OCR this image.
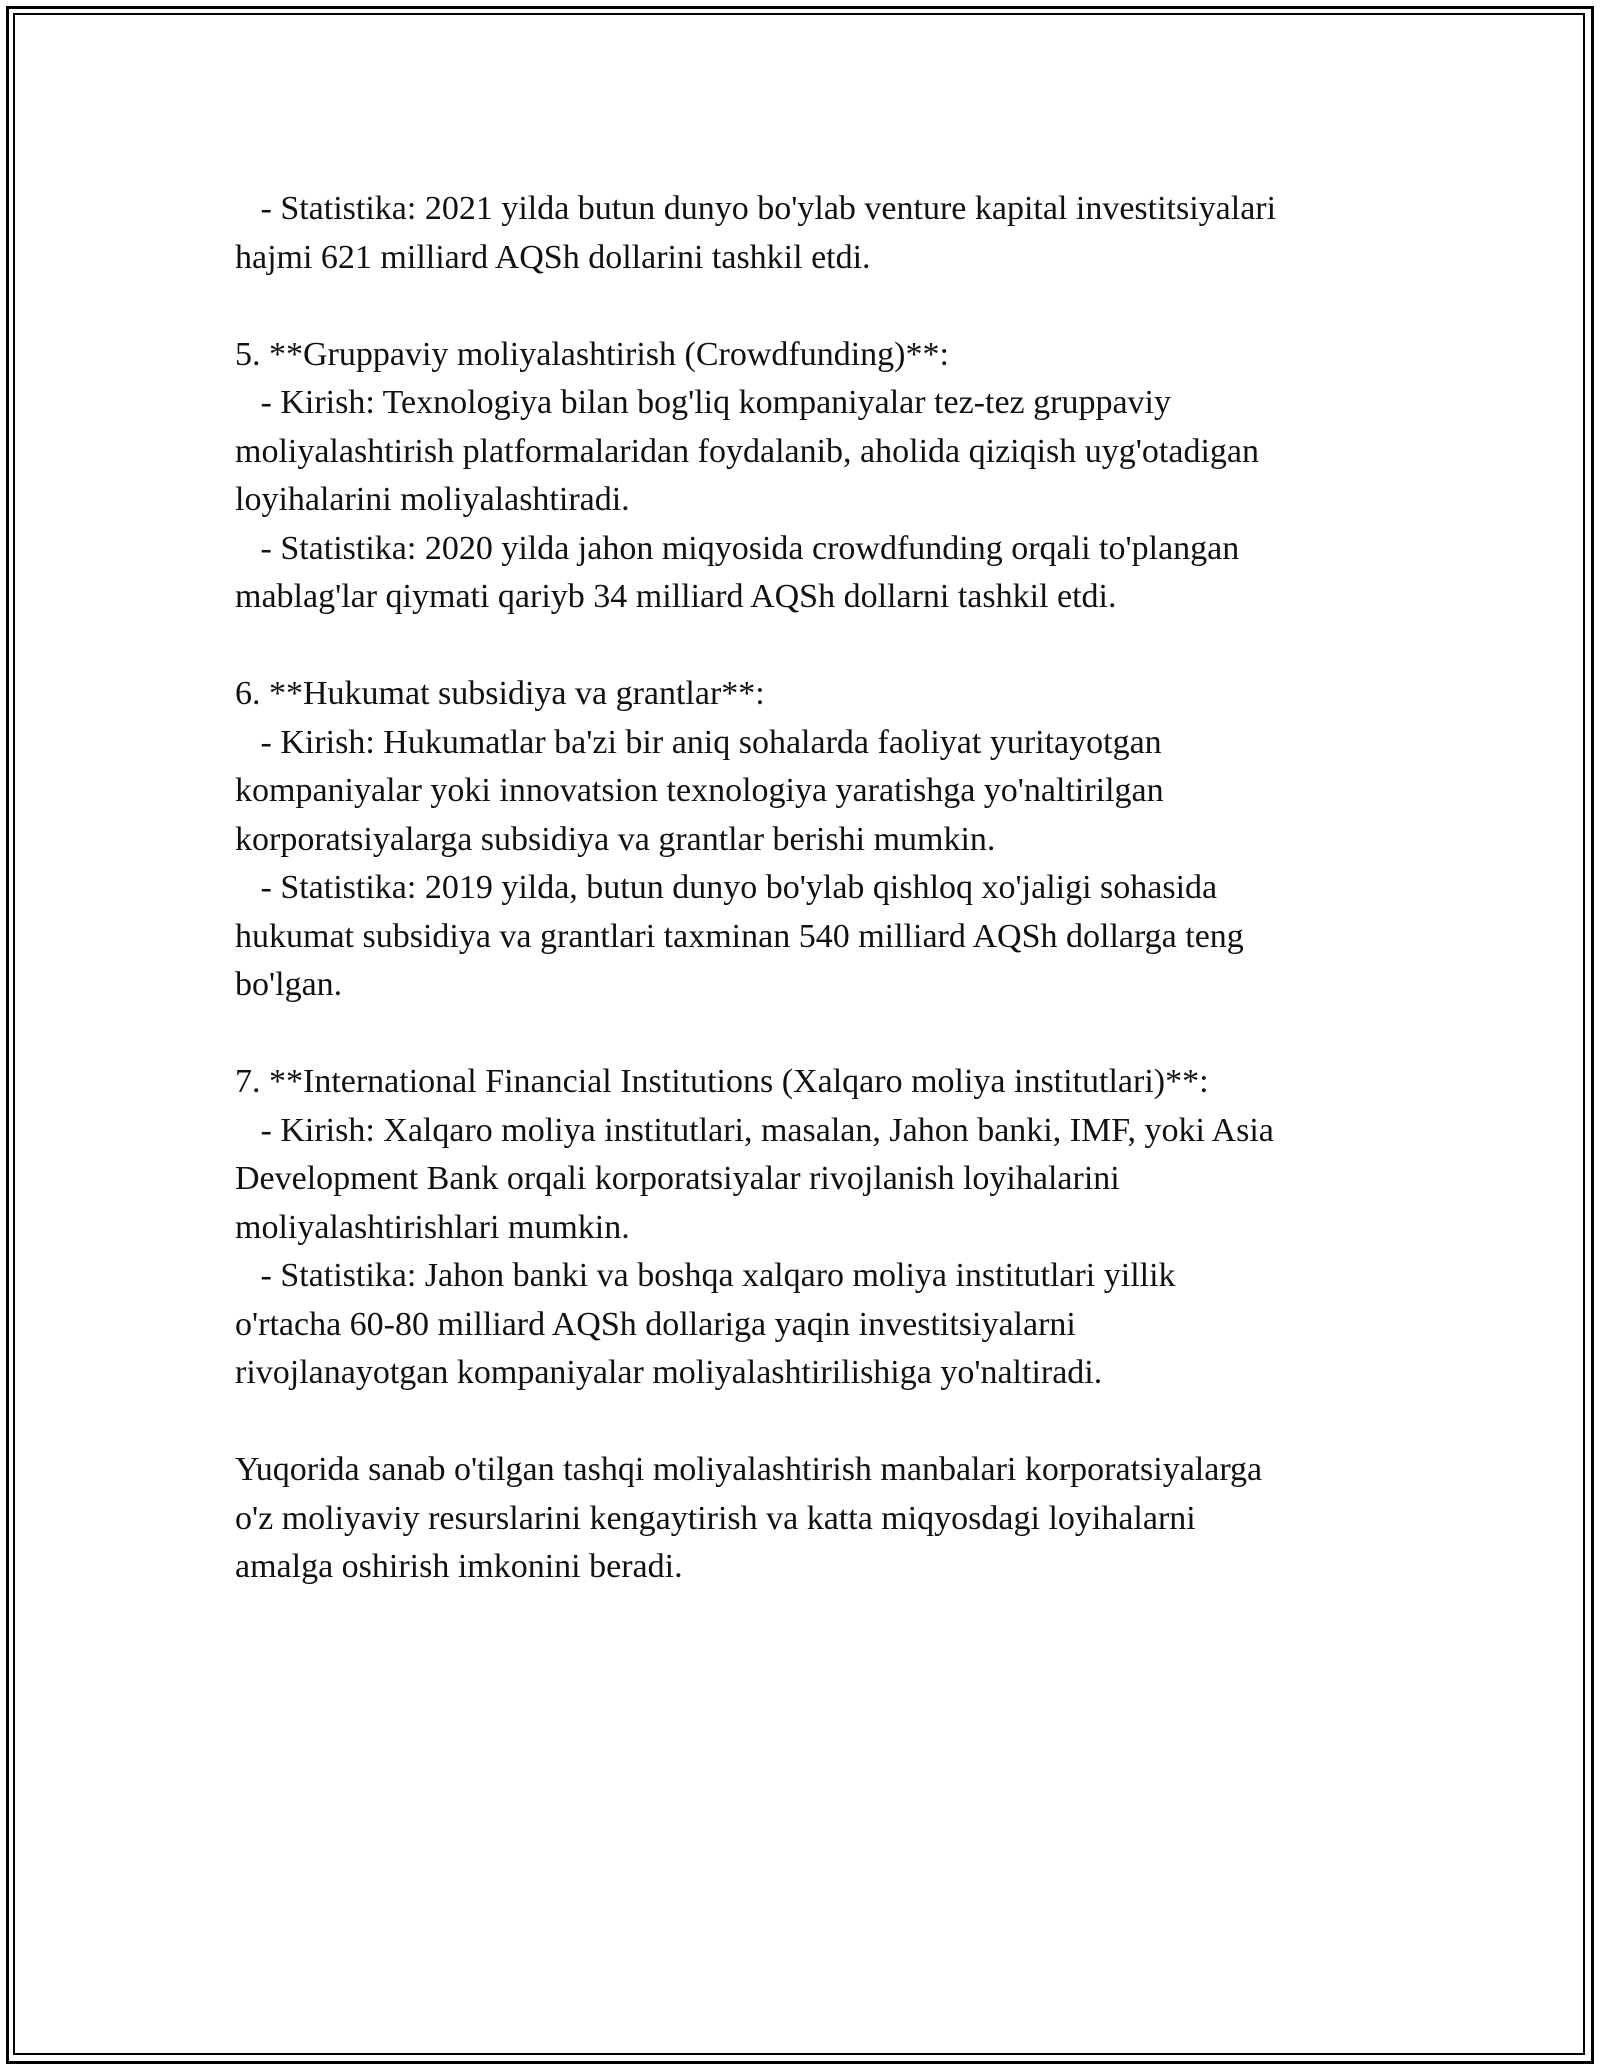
- Statistika: 2021 yilda butun dunyo bo'ylab venture kapital investitsiyalari
hajmi 621 milliard AQSh dollarini tashkil etdi.
5. **Gruppaviy moliyalashtirish (Crowdfunding)**:
- Kirish: Texnologiya bilan bog'liq kompaniyalar tez-tez gruppaviy
moliyalashtirish platformalaridan foydalanib, aholida qiziqish uyg'otadigan
loyihalarini moliyalashtiradi.
- Statistika: 2020 yilda jahon miqyosida crowdfunding orqali to'plangan
mablag'lar qiymati qariyb 34 milliard AQSh dollarni tashkil etdi.
6. **Hukumat subsidiya va grantlar**:
- Kirish: Hukumatlar ba'zi bir aniq sohalarda faoliyat yuritayotgan
kompaniyalar yoki innovatsion texnologiya yaratishga yo'naltirilgan
korporatsiyalarga subsidiya va grantlar berishi mumkin.
- Statistika: 2019 yilda, butun dunyo bo'ylab qishloq xo'jaligi sohasida
hukumat subsidiya va grantlari taxminan 540 milliard AQSh dollarga teng
bo'lgan.
7. **International Financial Institutions (Xalqaro moliya institutlari)**:
- Kirish: Xalqaro moliya institutlari, masalan, Jahon banki, IMF, yoki Asia
Development Bank orqali korporatsiyalar rivojlanish loyihalarini
moliyalashtirishlari mumkin.
- Statistika: Jahon banki va boshqa xalqaro moliya institutlari yillik
o'rtacha 60-80 milliard AQSh dollariga yaqin investitsiyalarni
rivojlanayotgan kompaniyalar moliyalashtirilishiga yo'naltiradi.
Yuqorida sanab o'tilgan tashqi moliyalashtirish manbalari korporatsiyalarga
o'z moliyaviy resurslarini kengaytirish va katta miqyosdagi loyihalarni
amalga oshirish imkonini beradi.
